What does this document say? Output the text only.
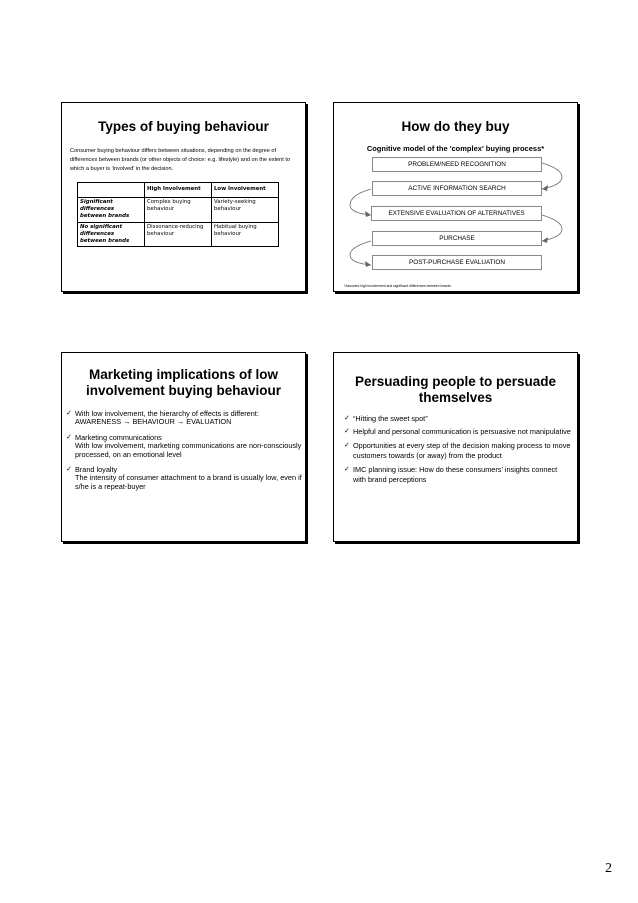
Types of buying behaviour
Consumer buying behaviour differs between situations, depending on the degree of differences between brands (or other objects of choice: e.g. lifestyle) and on the extent to which a buyer is 'involved' in the decision.
	High Involvement	Low Involvement
Significant differences between brands	Complex buying behaviour	Variety-seeking behaviour
No significant differences between brands	Dissonance-reducing behaviour	Habitual buying behaviour
How do they buy
Cognitive model of the 'complex' buying process*
PROBLEM/NEED RECOGNITION
ACTIVE INFORMATION SEARCH
EXTENSIVE EVALUATION OF ALTERNATIVES
PURCHASE
POST-PURCHASE EVALUATION
*Assumes high involvement and significant differences between brands
Marketing implications of low involvement buying behaviour
✓ With low involvement, the hierarchy of effects is different:
AWARENESS → BEHAVIOUR → EVALUATION
✓ Marketing communications
With low involvement, marketing communications are non-consciously processed, on an emotional level
✓ Brand loyalty
The intensity of consumer attachment to a brand is usually low, even if s/he is a repeat-buyer
Persuading people to persuade themselves
✓ “Hitting the sweet spot”
✓ Helpful and personal communication is persuasive not manipulative
✓ Opportunities at every step of the decision making process to move customers towards (or away) from the product
✓ IMC planning issue: How do these consumers' insights connect with brand perceptions
2
